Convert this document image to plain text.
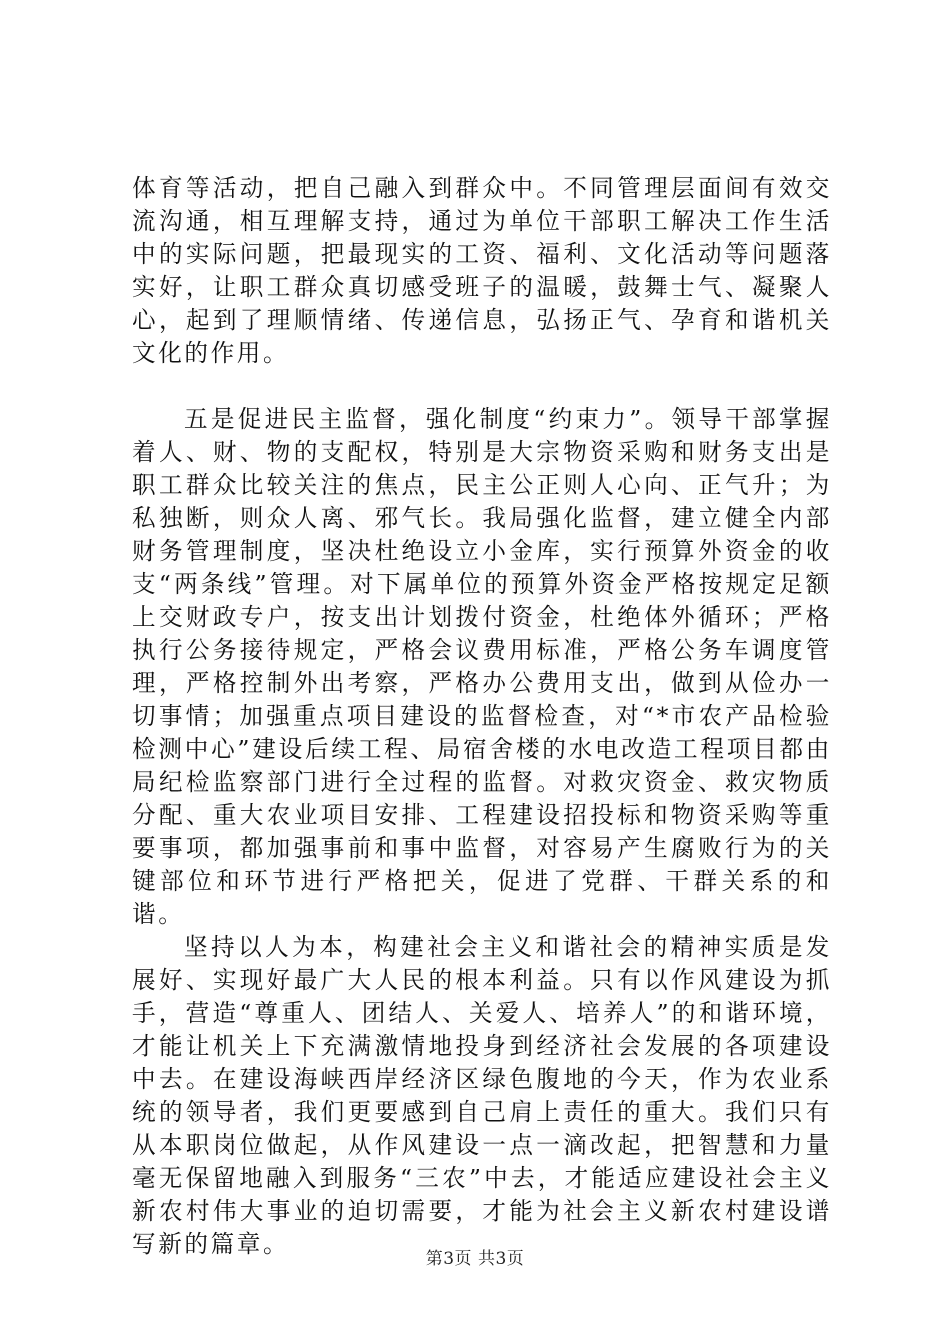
体育等活动，把自己融入到群众中。不同管理层面间有效交流沟通，相互理解支持，通过为单位干部职工解决工作生活中的实际问题，把最现实的工资、福利、文化活动等问题落实好，让职工群众真切感受班子的温暖，鼓舞士气、凝聚人心，起到了理顺情绪、传递信息，弘扬正气、孕育和谐机关文化的作用。

五是促进民主监督，强化制度“约束力”。领导干部掌握着人、财、物的支配权，特别是大宗物资采购和财务支出是职工群众比较关注的焦点，民主公正则人心向、正气升；为私独断，则众人离、邪气长。我局强化监督，建立健全内部财务管理制度，坚决杜绝设立小金库，实行预算外资金的收支“两条线”管理。对下属单位的预算外资金严格按规定足额上交财政专户，按支出计划拨付资金，杜绝体外循环；严格执行公务接待规定，严格会议费用标准，严格公务车调度管理，严格控制外出考察，严格办公费用支出，做到从俭办一切事情；加强重点项目建设的监督检查，对“*市农产品检验检测中心”建设后续工程、局宿舍楼的水电改造工程项目都由局纪检监察部门进行全过程的监督。对救灾资金、救灾物质分配、重大农业项目安排、工程建设招投标和物资采购等重要事项，都加强事前和事中监督，对容易产生腐败行为的关键部位和环节进行严格把关，促进了党群、干群关系的和谐。

坚持以人为本，构建社会主义和谐社会的精神实质是发展好、实现好最广大人民的根本利益。只有以作风建设为抓手，营造“尊重人、团结人、关爱人、培养人”的和谐环境，才能让机关上下充满激情地投身到经济社会发展的各项建设中去。在建设海峡西岸经济区绿色腹地的今天，作为农业系统的领导者，我们更要感到自己肩上责任的重大。我们只有从本职岗位做起，从作风建设一点一滴改起，把智慧和力量毫无保留地融入到服务“三农”中去，才能适应建设社会主义新农村伟大事业的迫切需要，才能为社会主义新农村建设谱写新的篇章。

第3页 共3页
